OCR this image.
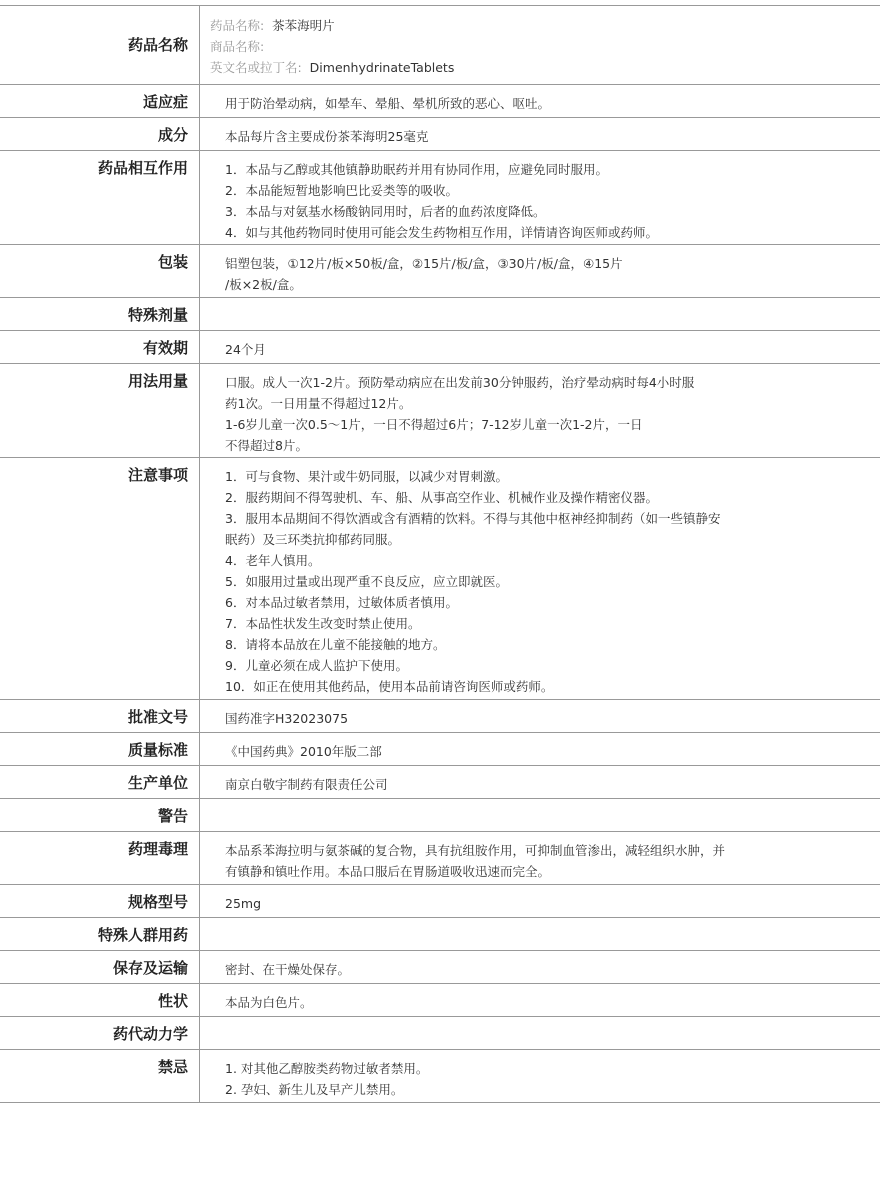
药品名称
药品名称: 茶苯海明片
商品名称:
英文名或拉丁名: DimenhydrinateTablets
适应症	用于防治晕动病，如晕车、晕船、晕机所致的恶心、呕吐。
成分	本品每片含主要成份茶苯海明25毫克
药品相互作用	1．本品与乙醇或其他镇静助眠药并用有协同作用，应避免同时服用。
2．本品能短暂地影响巴比妥类等的吸收。
3．本品与对氨基水杨酸钠同用时，后者的血药浓度降低。
4．如与其他药物同时使用可能会发生药物相互作用，详情请咨询医师或药师。
包装	铝塑包装，①12片/板×50板/盒，②15片/板/盒，③30片/板/盒，④15片
/板×2板/盒。
特殊剂量
有效期	24个月
用法用量	口服。成人一次1-2片。预防晕动病应在出发前30分钟服药，治疗晕动病时每4小时服
药1次。一日用量不得超过12片。
1-6岁儿童一次0.5～1片，一日不得超过6片；7-12岁儿童一次1-2片，一日
不得超过8片。
注意事项	1．可与食物、果汁或牛奶同服，以减少对胃刺激。
2．服药期间不得驾驶机、车、船、从事高空作业、机械作业及操作精密仪器。
3．服用本品期间不得饮酒或含有酒精的饮料。不得与其他中枢神经抑制药（如一些镇静安
眠药）及三环类抗抑郁药同服。
4．老年人慎用。
5．如服用过量或出现严重不良反应，应立即就医。
6．对本品过敏者禁用，过敏体质者慎用。
7．本品性状发生改变时禁止使用。
8．请将本品放在儿童不能接触的地方。
9．儿童必须在成人监护下使用。
10．如正在使用其他药品，使用本品前请咨询医师或药师。
批准文号	国药准字H32023075
质量标准	《中国药典》2010年版二部
生产单位	南京白敬宇制药有限责任公司
警告
药理毒理	本品系苯海拉明与氨茶碱的复合物，具有抗组胺作用，可抑制血管渗出，减轻组织水肿，并
有镇静和镇吐作用。本品口服后在胃肠道吸收迅速而完全。
规格型号	25mg
特殊人群用药
保存及运输	密封、在干燥处保存。
性状	本品为白色片。
药代动力学
禁忌	1. 对其他乙醇胺类药物过敏者禁用。
2. 孕妇、新生儿及早产儿禁用。
